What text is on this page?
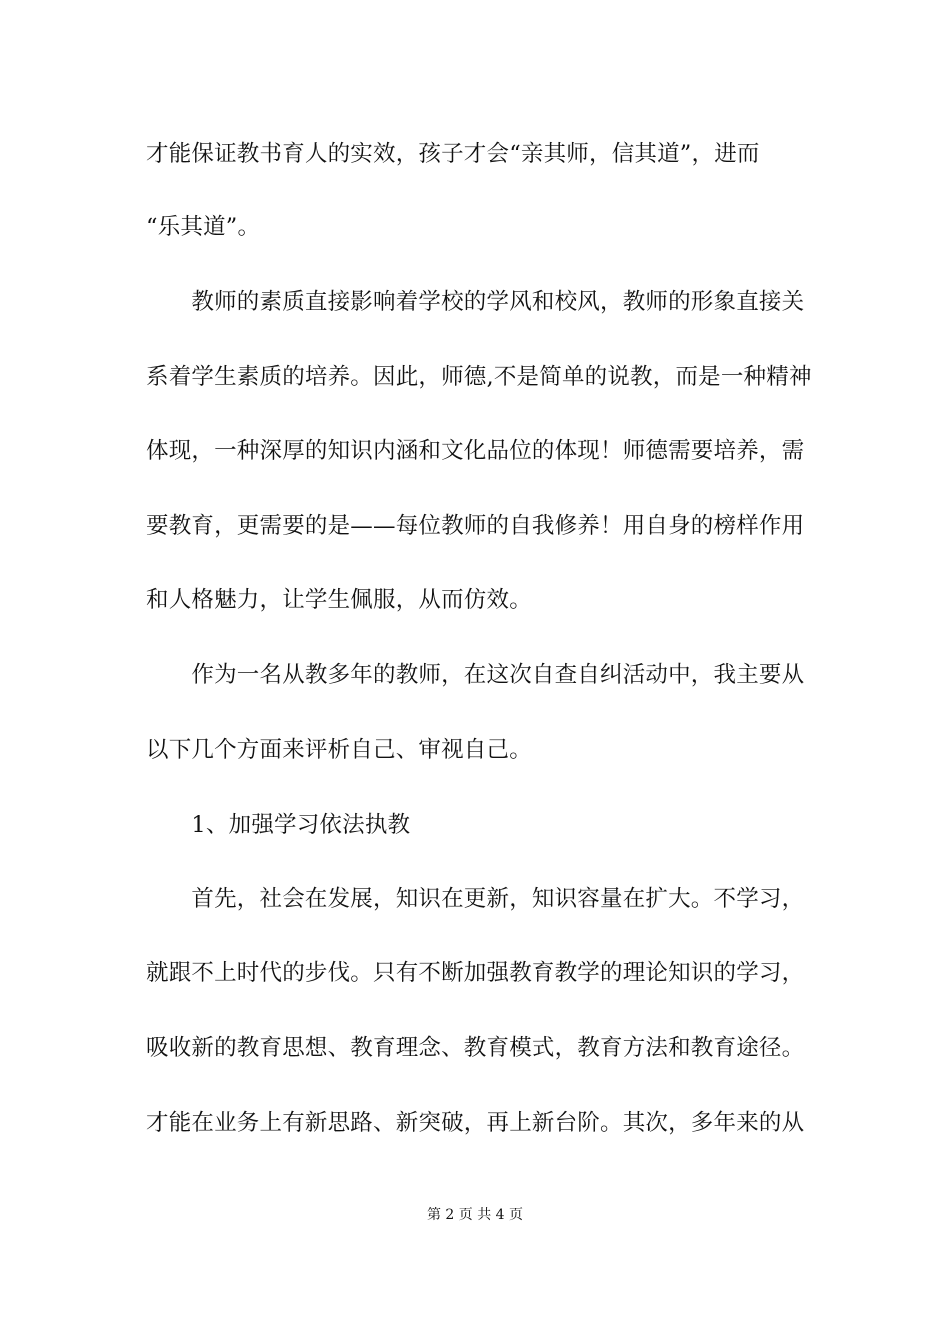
才能保证教书育人的实效，孩子才会“亲其师，信其道”，进而
“乐其道”。
　　教师的素质直接影响着学校的学风和校风，教师的形象直接关
系着学生素质的培养。因此，师德,不是简单的说教，而是一种精神
体现，一种深厚的知识内涵和文化品位的体现！师德需要培养，需
要教育，更需要的是——每位教师的自我修养！用自身的榜样作用
和人格魅力，让学生佩服，从而仿效。
　　作为一名从教多年的教师，在这次自查自纠活动中，我主要从
以下几个方面来评析自己、审视自己。
　　1、加强学习依法执教
　　首先，社会在发展，知识在更新，知识容量在扩大。不学习，
就跟不上时代的步伐。只有不断加强教育教学的理论知识的学习，
吸收新的教育思想、教育理念、教育模式，教育方法和教育途径。
才能在业务上有新思路、新突破，再上新台阶。其次，多年来的从
第 2 页 共 4 页
